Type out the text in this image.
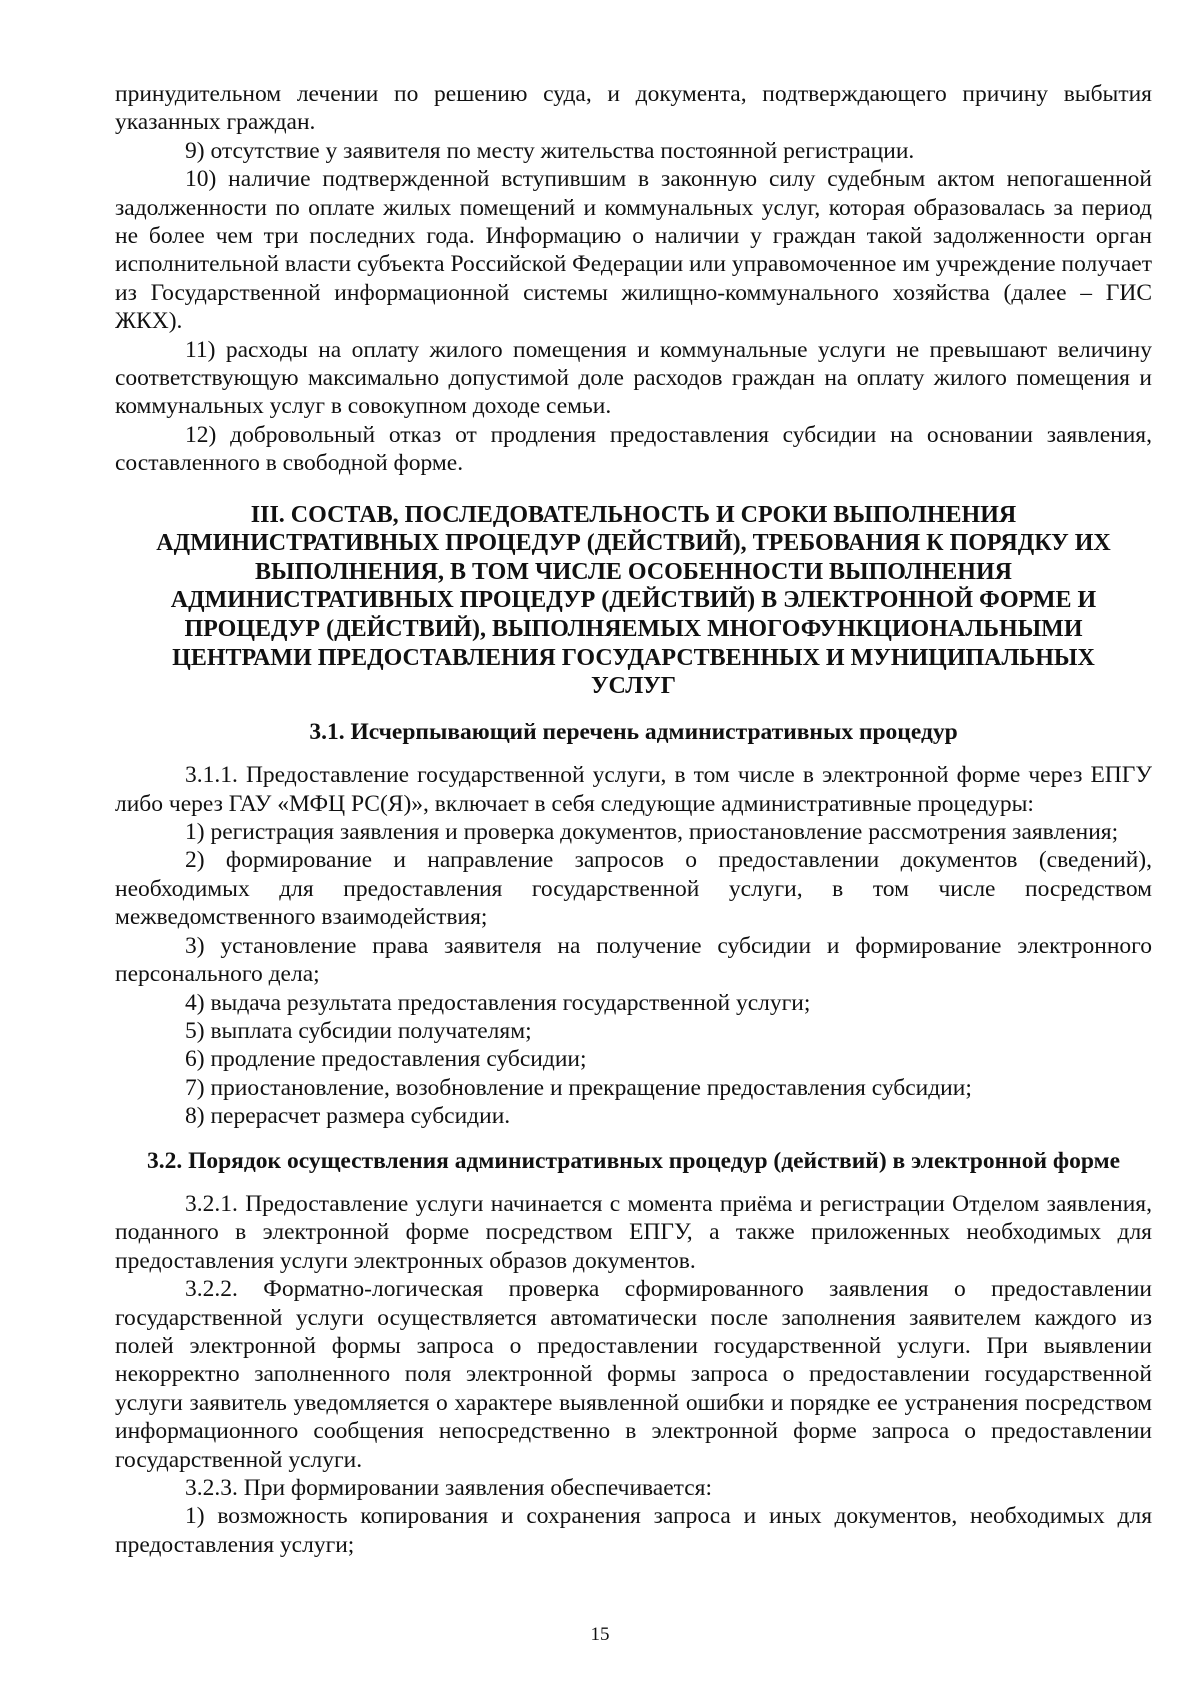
принудительном лечении по решению суда, и документа, подтверждающего причину выбытия указанных граждан.

9) отсутствие у заявителя по месту жительства постоянной регистрации.

10) наличие подтвержденной вступившим в законную силу судебным актом непогашенной задолженности по оплате жилых помещений и коммунальных услуг, которая образовалась за период не более чем три последних года. Информацию о наличии у граждан такой задолженности орган исполнительной власти субъекта Российской Федерации или управомоченное им учреждение получает из Государственной информационной системы жилищно-коммунального хозяйства (далее – ГИС ЖКХ).

11) расходы на оплату жилого помещения и коммунальные услуги не превышают величину соответствующую максимально допустимой доле расходов граждан на оплату жилого помещения и коммунальных услуг в совокупном доходе семьи.

12) добровольный отказ от продления предоставления субсидии на основании заявления, составленного в свободной форме.

III. СОСТАВ, ПОСЛЕДОВАТЕЛЬНОСТЬ И СРОКИ ВЫПОЛНЕНИЯ АДМИНИСТРАТИВНЫХ ПРОЦЕДУР (ДЕЙСТВИЙ), ТРЕБОВАНИЯ К ПОРЯДКУ ИХ ВЫПОЛНЕНИЯ, В ТОМ ЧИСЛЕ ОСОБЕННОСТИ ВЫПОЛНЕНИЯ АДМИНИСТРАТИВНЫХ ПРОЦЕДУР (ДЕЙСТВИЙ) В ЭЛЕКТРОННОЙ ФОРМЕ И ПРОЦЕДУР (ДЕЙСТВИЙ), ВЫПОЛНЯЕМЫХ МНОГОФУНКЦИОНАЛЬНЫМИ ЦЕНТРАМИ ПРЕДОСТАВЛЕНИЯ ГОСУДАРСТВЕННЫХ И МУНИЦИПАЛЬНЫХ УСЛУГ

3.1. Исчерпывающий перечень административных процедур

3.1.1. Предоставление государственной услуги, в том числе в электронной форме через ЕПГУ либо через ГАУ «МФЦ РС(Я)», включает в себя следующие административные процедуры:

1) регистрация заявления и проверка документов, приостановление рассмотрения заявления;

2) формирование и направление запросов о предоставлении документов (сведений), необходимых для предоставления государственной услуги, в том числе посредством межведомственного взаимодействия;

3) установление права заявителя на получение субсидии и формирование электронного персонального дела;

4) выдача результата предоставления государственной услуги;

5) выплата субсидии получателям;

6) продление предоставления субсидии;

7) приостановление, возобновление и прекращение предоставления субсидии;

8) перерасчет размера субсидии.

3.2. Порядок осуществления административных процедур (действий) в электронной форме

3.2.1. Предоставление услуги начинается с момента приёма и регистрации Отделом заявления, поданного в электронной форме посредством ЕПГУ, а также приложенных необходимых для предоставления услуги электронных образов документов.

3.2.2. Форматно-логическая проверка сформированного заявления о предоставлении государственной услуги осуществляется автоматически после заполнения заявителем каждого из полей электронной формы запроса о предоставлении государственной услуги. При выявлении некорректно заполненного поля электронной формы запроса о предоставлении государственной услуги заявитель уведомляется о характере выявленной ошибки и порядке ее устранения посредством информационного сообщения непосредственно в электронной форме запроса о предоставлении государственной услуги.

3.2.3. При формировании заявления обеспечивается:

1) возможность копирования и сохранения запроса и иных документов, необходимых для предоставления услуги;

15
